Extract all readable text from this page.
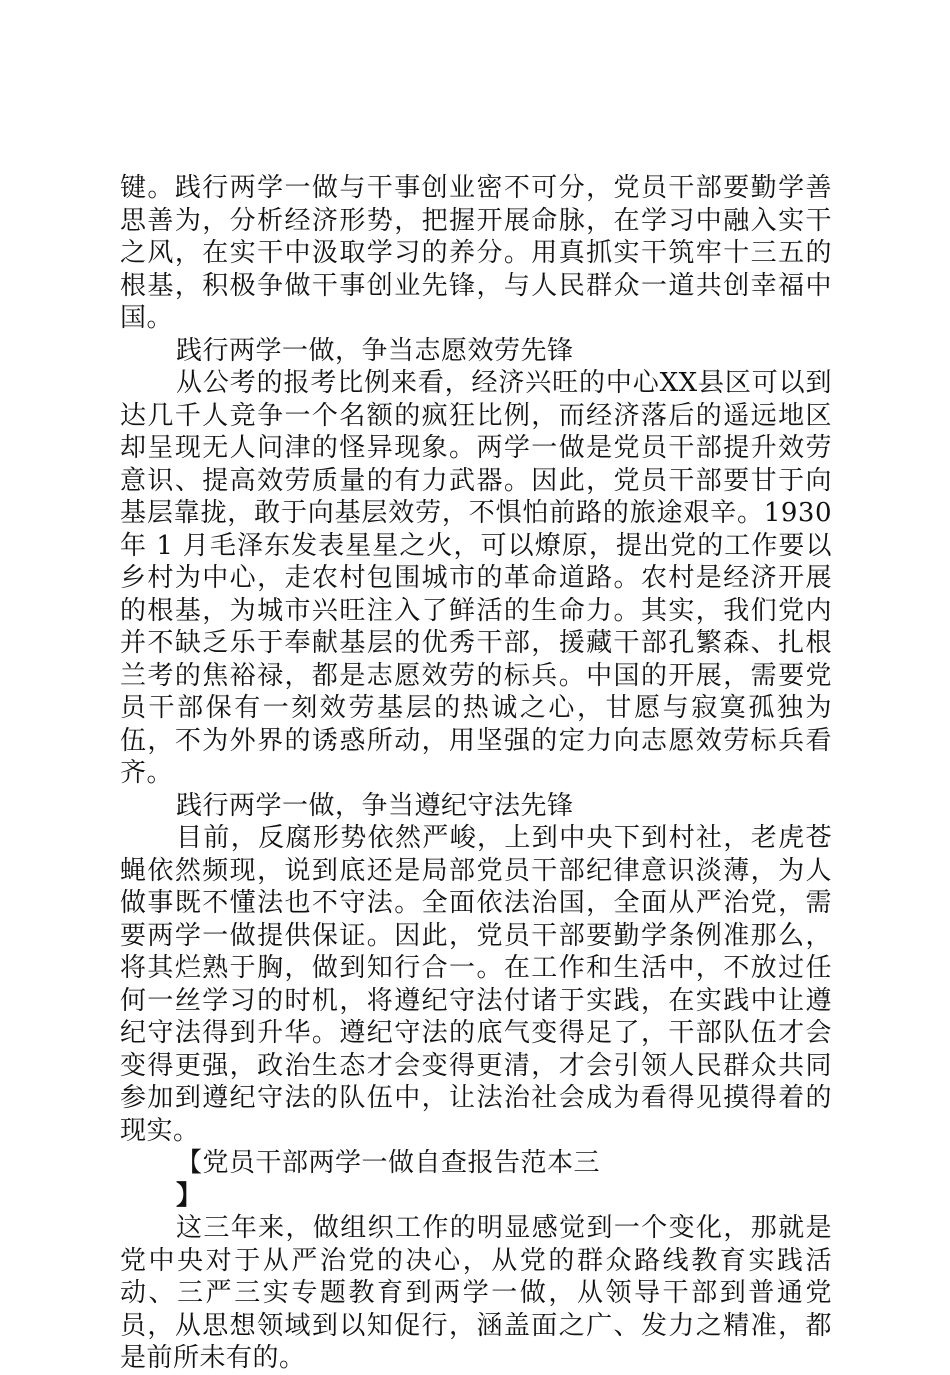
键。践行两学一做与干事创业密不可分，党员干部要勤学善思善为，分析经济形势，把握开展命脉，在学习中融入实干之风，在实干中汲取学习的养分。用真抓实干筑牢十三五的根基，积极争做干事创业先锋，与人民群众一道共创幸福中国。

践行两学一做，争当志愿效劳先锋

从公考的报考比例来看，经济兴旺的中心XX县区可以到达几千人竞争一个名额的疯狂比例，而经济落后的遥远地区却呈现无人问津的怪异现象。两学一做是党员干部提升效劳意识、提高效劳质量的有力武器。因此，党员干部要甘于向基层靠拢，敢于向基层效劳，不惧怕前路的旅途艰辛。1930 年 1 月毛泽东发表星星之火，可以燎原，提出党的工作要以乡村为中心，走农村包围城市的革命道路。农村是经济开展的根基，为城市兴旺注入了鲜活的生命力。其实，我们党内并不缺乏乐于奉献基层的优秀干部，援藏干部孔繁森、扎根兰考的焦裕禄，都是志愿效劳的标兵。中国的开展，需要党员干部保有一刻效劳基层的热诚之心，甘愿与寂寞孤独为伍，不为外界的诱惑所动，用坚强的定力向志愿效劳标兵看齐。

践行两学一做，争当遵纪守法先锋

目前，反腐形势依然严峻，上到中央下到村社，老虎苍蝇依然频现，说到底还是局部党员干部纪律意识淡薄，为人做事既不懂法也不守法。全面依法治国，全面从严治党，需要两学一做提供保证。因此，党员干部要勤学条例准那么，将其烂熟于胸，做到知行合一。在工作和生活中，不放过任何一丝学习的时机，将遵纪守法付诸于实践，在实践中让遵纪守法得到升华。遵纪守法的底气变得足了，干部队伍才会变得更强，政治生态才会变得更清，才会引领人民群众共同参加到遵纪守法的队伍中，让法治社会成为看得见摸得着的现实。

【党员干部两学一做自查报告范本三

】

这三年来，做组织工作的明显感觉到一个变化，那就是党中央对于从严治党的决心，从党的群众路线教育实践活动、三严三实专题教育到两学一做，从领导干部到普通党员，从思想领域到以知促行，涵盖面之广、发力之精准，都是前所未有的。
